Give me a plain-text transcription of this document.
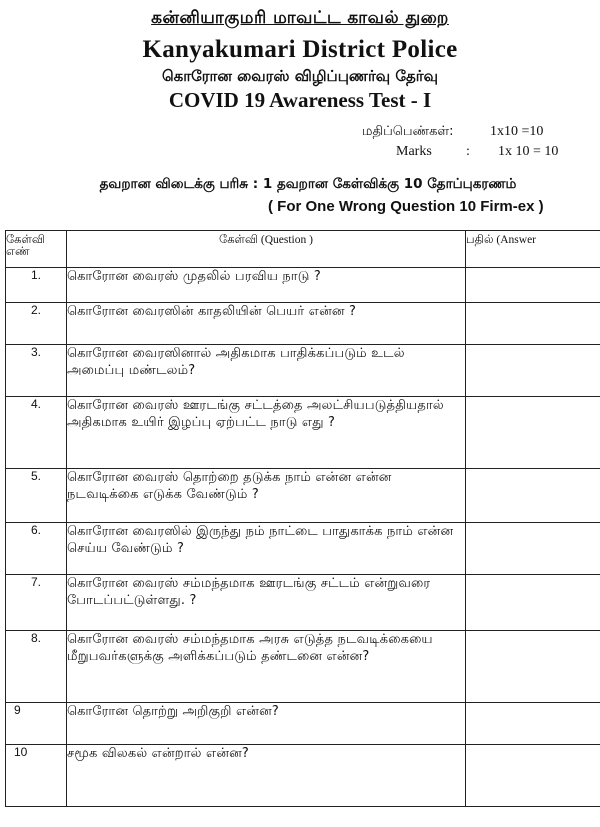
கன்னியாகுமரி மாவட்ட காவல் துறை
Kanyakumari District Police
கொரோன வைரஸ் விழிப்புணர்வு தேர்வு
COVID 19 Awareness Test - I
மதிப்பெண்கள்:	1x10 =10
Marks : 1x 10 = 10
தவறான விடைக்கு பரிசு : 1 தவறான கேள்விக்கு 10 தோப்புகரணம்
( For One Wrong Question 10 Firm-ex )
கேள்வி எண்	கேள்வி (Question )	பதில் (Answer
1.	கொரோன வைரஸ் முதலில் பரவிய நாடு ?	
2.	கொரோன வைரஸின் காதலியின் பெயர் என்ன ?	
3.	கொரோன வைரஸினால் அதிகமாக பாதிக்கப்படும் உடல் அமைப்பு மண்டலம்?	
4.	கொரோன வைரஸ் ஊரடங்கு சட்டத்தை அலட்சியபடுத்தியதால் அதிகமாக உயிர் இழப்பு ஏற்பட்ட நாடு எது ?	
5.	கொரோன வைரஸ் தொற்றை தடுக்க நாம் என்ன என்ன நடவடிக்கை எடுக்க வேண்டும் ?	
6.	கொரோன வைரஸில் இருந்து நம் நாட்டை பாதுகாக்க நாம் என்ன செய்ய வேண்டும் ?	
7.	கொரோன வைரஸ் சம்மந்தமாக ஊரடங்கு சட்டம் என்றுவரை போடப்பட்டுள்ளது. ?	
8.	கொரோன வைரஸ் சம்மந்தமாக அரசு எடுத்த நடவடிக்கையை மீறுபவர்களுக்கு அளிக்கப்படும் தண்டனை என்ன?	
9	கொரோன தொற்று அறிகுறி என்ன?	
10	சமூக விலகல் என்றால் என்ன?	
